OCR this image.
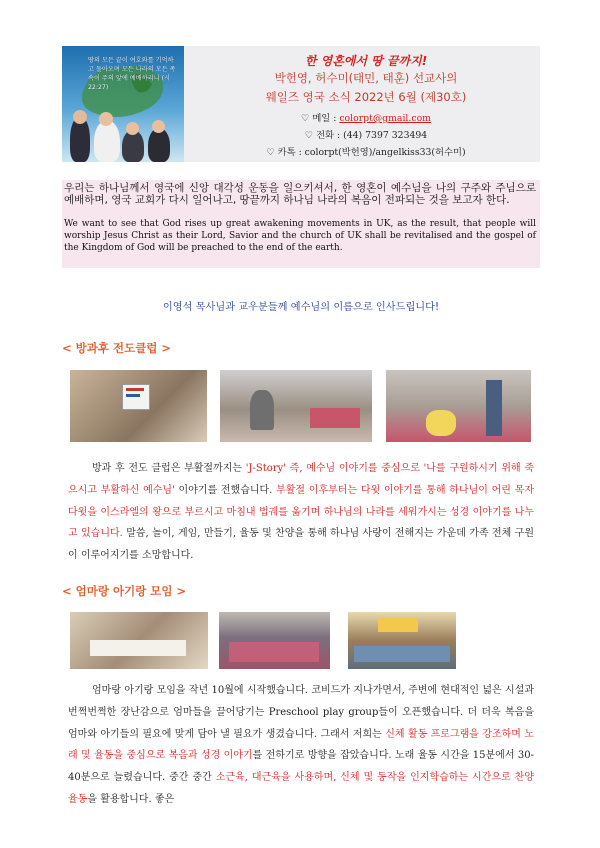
땅의 모든 끝이 여호와를 기억하고 돌아오며 모든 나라의 모든 족속이 주의 앞에 예배하리니 (시 22:27)
한 영혼에서 땅 끝까지!
박헌영, 허수미(태민, 태훈) 선교사의
웨일즈 영국 소식 2022년 6월 (제30호)
♡ 메일 : colorpt@gmail.com
♡ 전화 : (44) 7397 323494
♡ 카톡 : colorpt(박헌영)/angelkiss33(허수미)
우리는 하나님께서 영국에 신앙 대각성 운동을 일으키셔서, 한 영혼이 예수님을 나의 구주와 주님으로 예배하며, 영국 교회가 다시 일어나고, 땅끝까지 하나님 나라의 복음이 전파되는 것을 보고자 한다.
We want to see that God rises up great awakening movements in UK, as the result, that people will worship Jesus Christ as their Lord, Savior and the church of UK shall be revitalised and the gospel of the Kingdom of God will be preached to the end of the earth.
이영석 목사님과 교우분들께 예수님의 이름으로 인사드립니다!
< 방과후 전도클럽 >
방과 후 전도 클럽은 부활절까지는 'J-Story' 즉, 예수님 이야기를 중심으로 '나를 구원하시기 위해 죽으시고 부활하신 예수님' 이야기를 전했습니다. 부활절 이후부터는 다윗 이야기를 통해 하나님이 어린 목자 다윗을 이스라엘의 왕으로 부르시고 마침내 법궤를 옮기며 하나님의 나라를 세워가시는 성경 이야기를 나누고 있습니다. 말씀, 놀이, 게임, 만들기, 율동 및 찬양을 통해 하나님 사랑이 전해지는 가운데 가족 전체 구원이 이루어지기를 소망합니다.
< 엄마랑 아기랑 모임 >
엄마랑 아기랑 모임을 작년 10월에 시작했습니다. 코비드가 지나가면서, 주변에 현대적인 넓은 시설과 번쩍번쩍한 장난감으로 엄마들을 끌어당기는 Preschool play group들이 오픈했습니다. 더 더욱 복음을 엄마와 아기들의 필요에 맞게 담아 낼 필요가 생겼습니다. 그래서 저희는 신체 활동 프로그램을 강조하며 노래 및 율동을 중심으로 복음과 성경 이야기를 전하기로 방향을 잡았습니다. 노래 율동 시간을 15분에서 30-40분으로 늘렸습니다. 중간 중간 소근육, 대근육을 사용하며, 신체 및 동작을 인지학습하는 시간으로 찬양 율동을 활용합니다. 좋은
